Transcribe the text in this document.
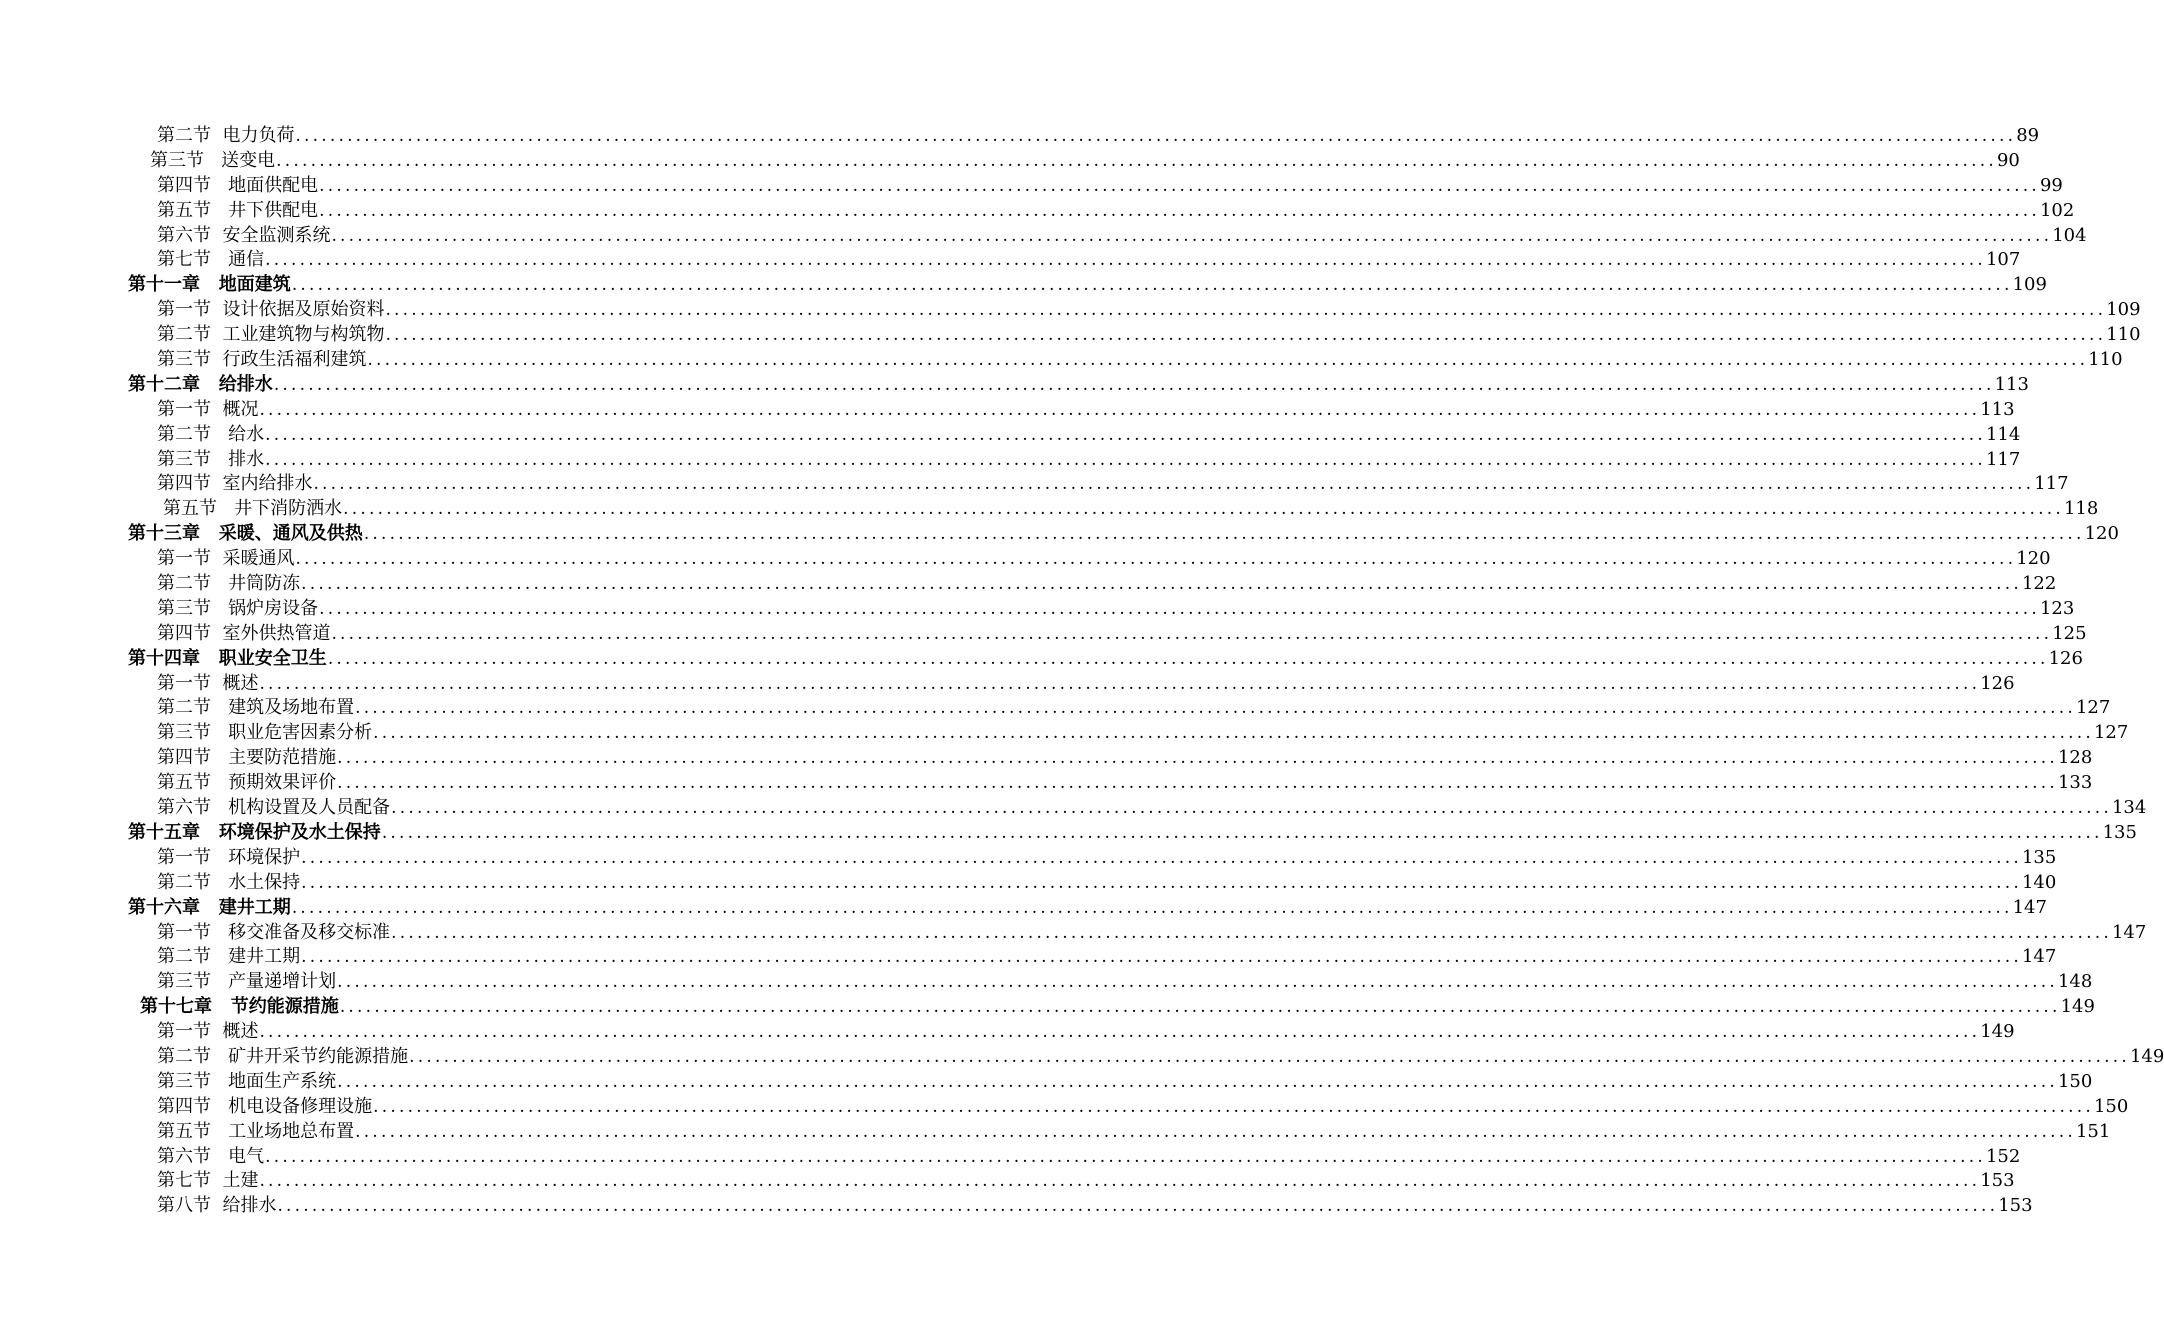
第二节  电力负荷 ........................................................................................................................................................................................................ 89
第三节   送变电 ........................................................................................................................................................................................................ 90
第四节   地面供配电 ........................................................................................................................................................................................................ 99
第五节   井下供配电 ........................................................................................................................................................................................................ 102
第六节  安全监测系统 ........................................................................................................................................................................................................ 104
第七节   通信 ........................................................................................................................................................................................................ 107
第十一章   地面建筑 ........................................................................................................................................................................................................ 109
第一节  设计依据及原始资料 ........................................................................................................................................................................................................ 109
第二节  工业建筑物与构筑物 ........................................................................................................................................................................................................ 110
第三节  行政生活福利建筑 ........................................................................................................................................................................................................ 110
第十二章   给排水 ........................................................................................................................................................................................................ 113
第一节  概况 ........................................................................................................................................................................................................ 113
第二节   给水 ........................................................................................................................................................................................................ 114
第三节   排水 ........................................................................................................................................................................................................ 117
第四节  室内给排水 ........................................................................................................................................................................................................ 117
第五节   井下消防洒水 ........................................................................................................................................................................................................ 118
第十三章   采暖、通风及供热 ........................................................................................................................................................................................................ 120
第一节  采暖通风 ........................................................................................................................................................................................................ 120
第二节   井筒防冻 ........................................................................................................................................................................................................ 122
第三节   锅炉房设备 ........................................................................................................................................................................................................ 123
第四节  室外供热管道 ........................................................................................................................................................................................................ 125
第十四章   职业安全卫生 ........................................................................................................................................................................................................ 126
第一节  概述 ........................................................................................................................................................................................................ 126
第二节   建筑及场地布置 ........................................................................................................................................................................................................ 127
第三节   职业危害因素分析 ........................................................................................................................................................................................................ 127
第四节   主要防范措施 ........................................................................................................................................................................................................ 128
第五节   预期效果评价 ........................................................................................................................................................................................................ 133
第六节   机构设置及人员配备 ........................................................................................................................................................................................................ 134
第十五章   环境保护及水土保持 ........................................................................................................................................................................................................ 135
第一节   环境保护 ........................................................................................................................................................................................................ 135
第二节   水土保持 ........................................................................................................................................................................................................ 140
第十六章   建井工期 ........................................................................................................................................................................................................ 147
第一节   移交准备及移交标准 ........................................................................................................................................................................................................ 147
第二节   建井工期 ........................................................................................................................................................................................................ 147
第三节   产量递增计划 ........................................................................................................................................................................................................ 148
第十七章   节约能源措施 ........................................................................................................................................................................................................ 149
第一节  概述 ........................................................................................................................................................................................................ 149
第二节   矿井开采节约能源措施 ........................................................................................................................................................................................................ 149
第三节   地面生产系统 ........................................................................................................................................................................................................ 150
第四节   机电设备修理设施 ........................................................................................................................................................................................................ 150
第五节   工业场地总布置 ........................................................................................................................................................................................................ 151
第六节   电气 ........................................................................................................................................................................................................ 152
第七节  土建 ........................................................................................................................................................................................................ 153
第八节  给排水 ........................................................................................................................................................................................................ 153
